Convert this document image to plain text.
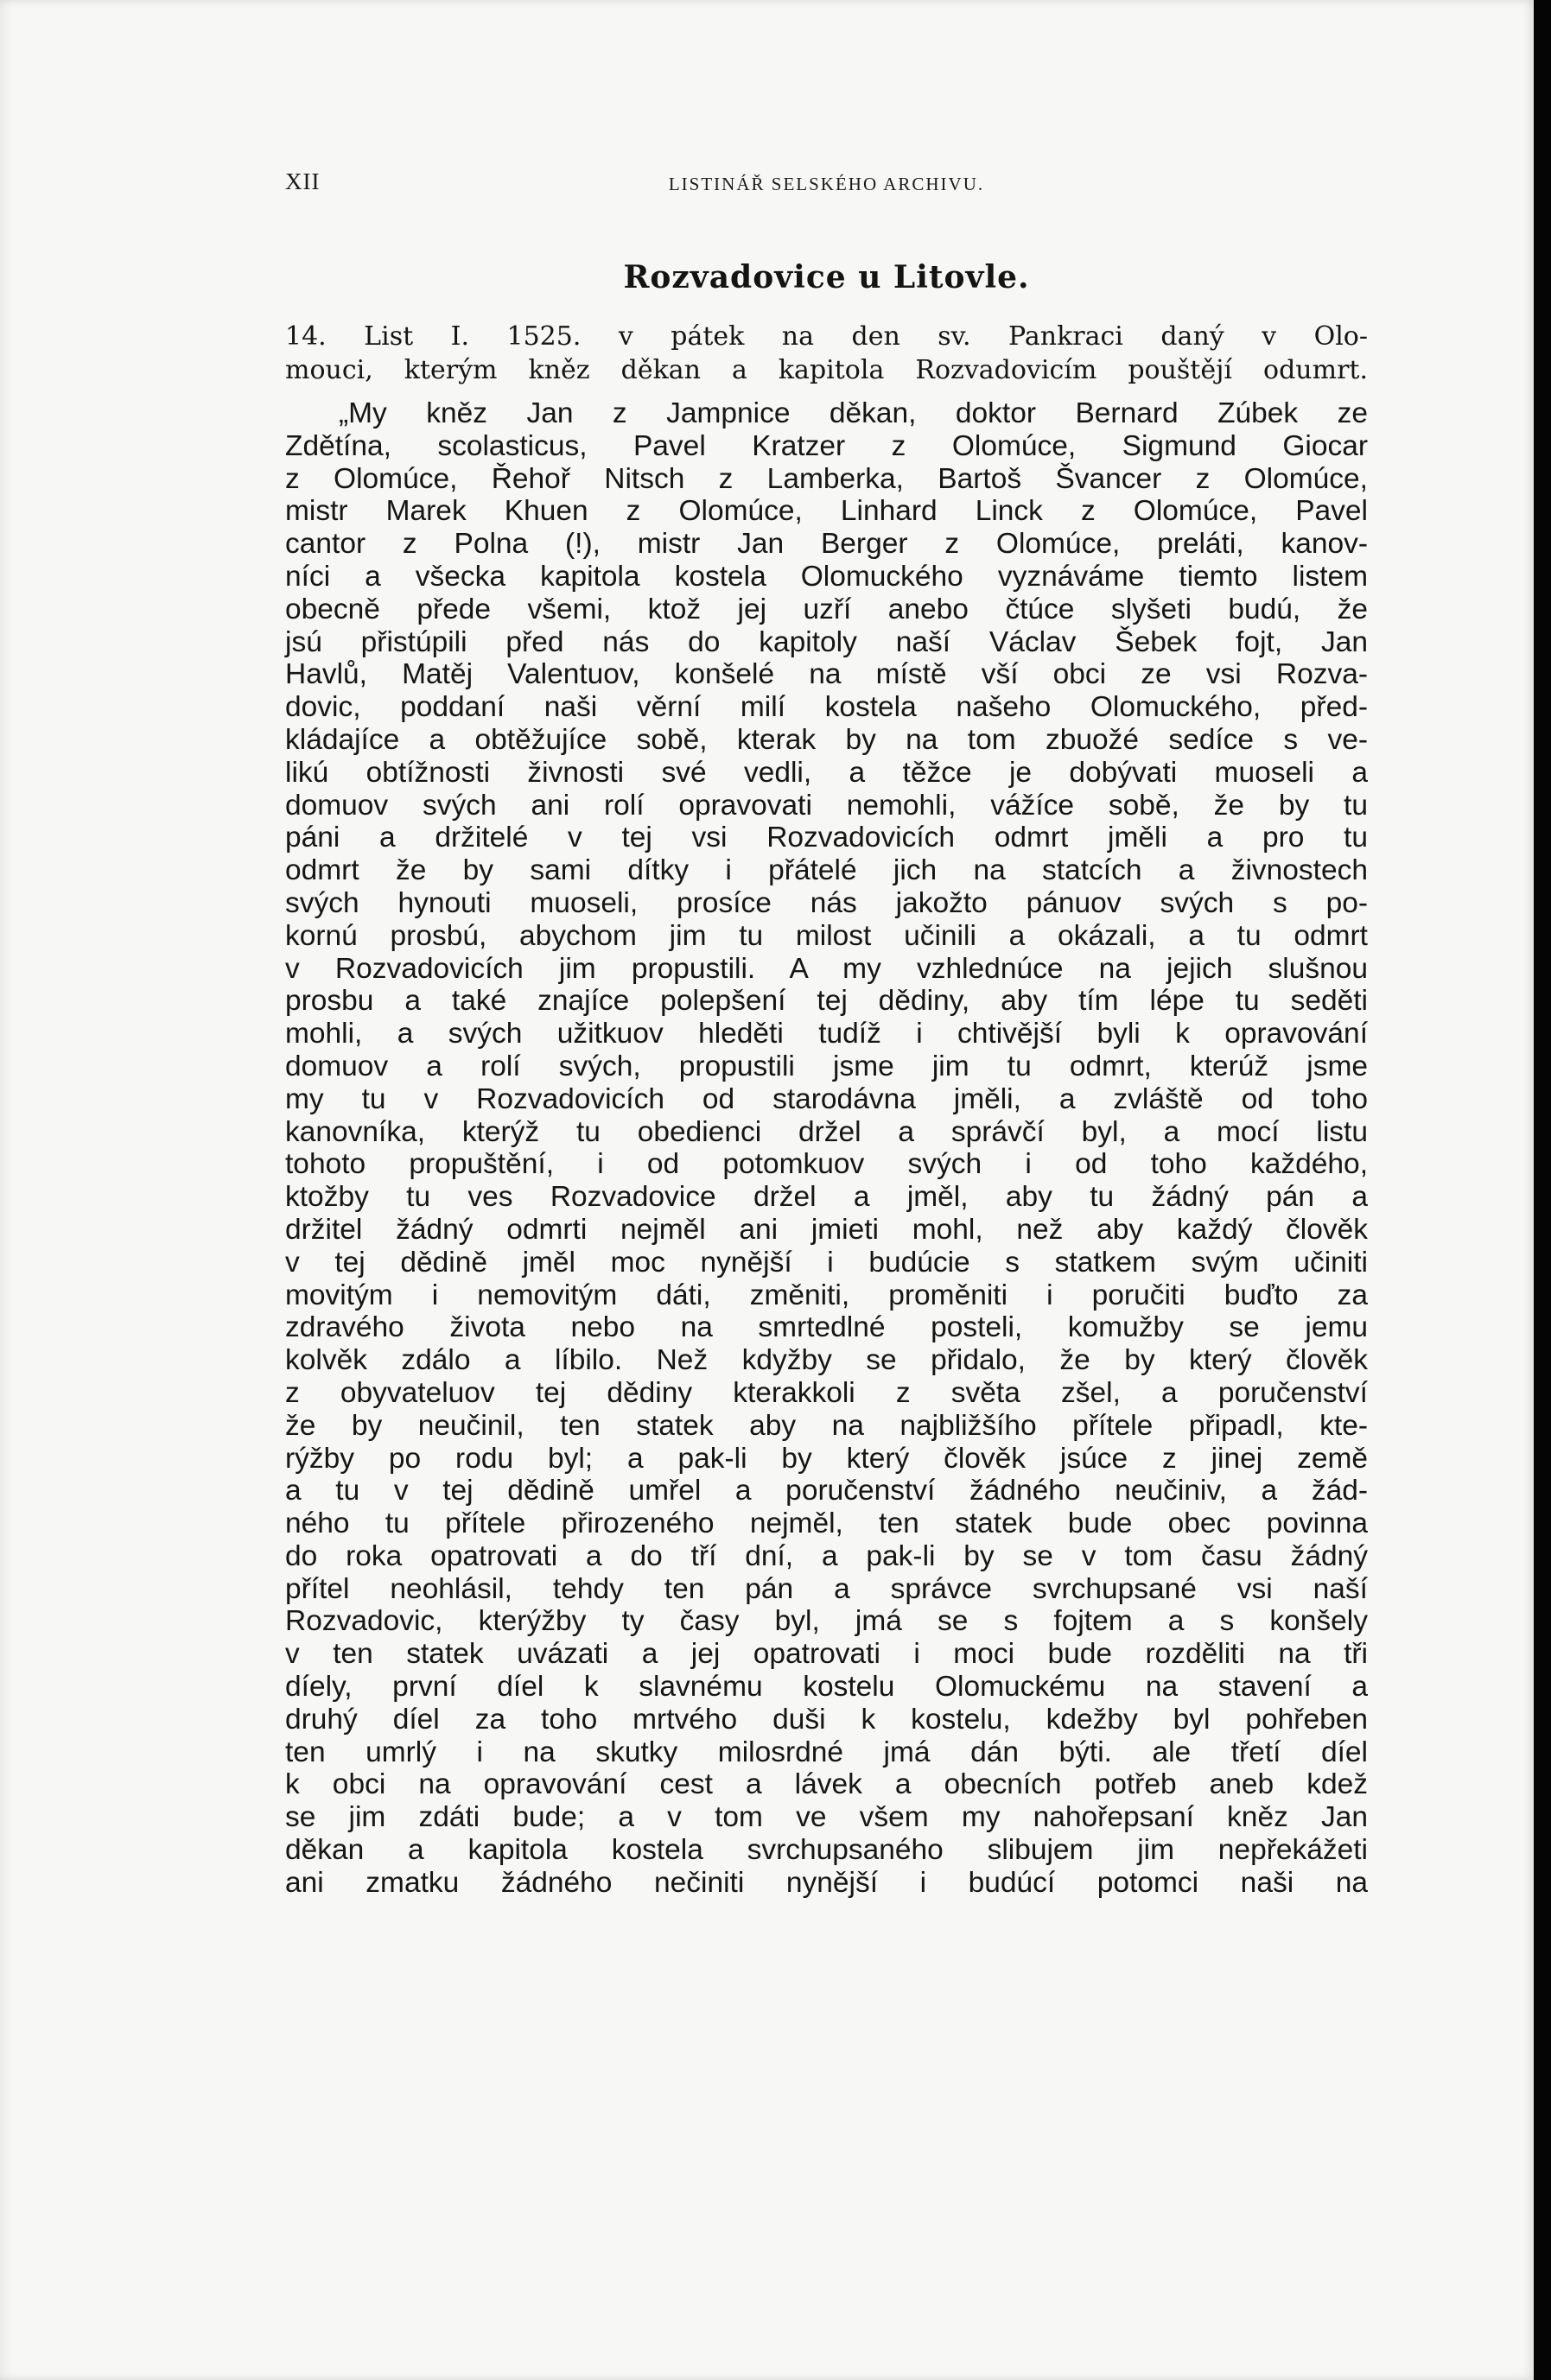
XII	LISTINÁŘ SELSKÉHO ARCHIVU.
Rozvadovice u Litovle.
14. List I. 1525. v pátek na den sv. Pankraci daný v Olo-
mouci, kterým kněz děkan a kapitola Rozvadovicím pouštějí odumrt.
„My kněz Jan z Jampnice děkan, doktor Bernard Zúbek ze
Zdětína, scolasticus, Pavel Kratzer z Olomúce, Sigmund Giocar
z Olomúce, Řehoř Nitsch z Lamberka, Bartoš Švancer z Olomúce,
mistr Marek Khuen z Olomúce, Linhard Linck z Olomúce, Pavel
cantor z Polna (!), mistr Jan Berger z Olomúce, preláti, kanov-
níci a všecka kapitola kostela Olomuckého vyznáváme tiemto listem
obecně přede všemi, ktož jej uzří anebo čtúce slyšeti budú, že
jsú přistúpili před nás do kapitoly naší Václav Šebek fojt, Jan
Havlů, Matěj Valentuov, konšelé na místě vší obci ze vsi Rozva-
dovic, poddaní naši věrní milí kostela našeho Olomuckého, před-
kládajíce a obtěžujíce sobě, kterak by na tom zbuožé sedíce s ve-
likú obtížnosti živnosti své vedli, a těžce je dobývati muoseli a
domuov svých ani rolí opravovati nemohli, vážíce sobě, že by tu
páni a držitelé v tej vsi Rozvadovicích odmrt jměli a pro tu
odmrt že by sami dítky i přátelé jich na statcích a živnostech
svých hynouti muoseli, prosíce nás jakožto pánuov svých s po-
kornú prosbú, abychom jim tu milost učinili a okázali, a tu odmrt
v Rozvadovicích jim propustili. A my vzhlednúce na jejich slušnou
prosbu a také znajíce polepšení tej dědiny, aby tím lépe tu seděti
mohli, a svých užitkuov hleděti tudíž i chtivější byli k opravování
domuov a rolí svých, propustili jsme jim tu odmrt, kterúž jsme
my tu v Rozvadovicích od starodávna jměli, a zvláště od toho
kanovníka, kterýž tu obedienci držel a správčí byl, a mocí listu
tohoto propuštění, i od potomkuov svých i od toho každého,
ktožby tu ves Rozvadovice držel a jměl, aby tu žádný pán a
držitel žádný odmrti nejměl ani jmieti mohl, než aby každý člověk
v tej dědině jměl moc nynější i budúcie s statkem svým učiniti
movitým i nemovitým dáti, změniti, proměniti i poručiti buďto za
zdravého života nebo na smrtedlné posteli, komužby se jemu
kolvěk zdálo a líbilo. Než kdyžby se přidalo, že by který člověk
z obyvateluov tej dědiny kterakkoli z světa zšel, a poručenství
že by neučinil, ten statek aby na najbližšího přítele připadl, kte-
rýžby po rodu byl; a pak-li by který člověk jsúce z jinej země
a tu v tej dědině umřel a poručenství žádného neučiniv, a žád-
ného tu přítele přirozeného nejměl, ten statek bude obec povinna
do roka opatrovati a do tří dní, a pak-li by se v tom času žádný
přítel neohlásil, tehdy ten pán a správce svrchupsané vsi naší
Rozvadovic, kterýžby ty časy byl, jmá se s fojtem a s konšely
v ten statek uvázati a jej opatrovati i moci bude rozděliti na tři
díely, první díel k slavnému kostelu Olomuckému na stavení a
druhý díel za toho mrtvého duši k kostelu, kdežby byl pohřeben
ten umrlý i na skutky milosrdné jmá dán býti. ale třetí díel
k obci na opravování cest a lávek a obecních potřeb aneb kdež
se jim zdáti bude; a v tom ve všem my nahořepsaní kněz Jan
děkan a kapitola kostela svrchupsaného slibujem jim nepřekážeti
ani zmatku žádného nečiniti nynější i budúcí potomci naši na
